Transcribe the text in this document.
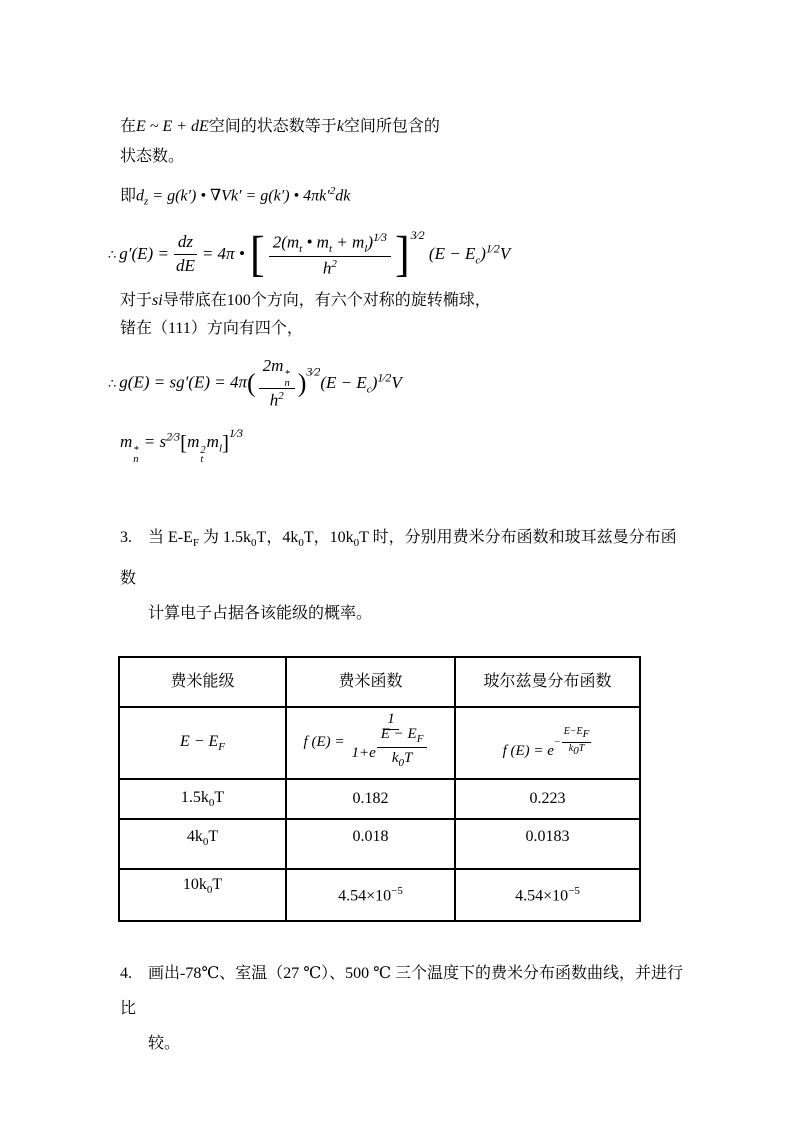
在E ~ E + dE空间的状态数等于k空间所包含的

状态数。

即$d_z = g(k')$ • ∇Vk′ = g(k′) • $4\pi k'^2dk$

∴ $g'(E) = \frac{dz}{dE} = 4\pi$ • [ $\frac{2(m_t • m_t + m_l)^{1⁄3}}{h^2} ]^{3⁄2}$ $(E - E_c)^{1⁄2}V$

对于si导带底在100个方向，有六个对称的旋转椭球，

锗在（111）方向有四个，

∴ g(E) = sg′(E) = 4π( 2m *
n
$h^2$ )$^{3⁄2}(E - E_c)^{1⁄2}V$
m *
n
= $s^{2⁄3}[m$ 2
t
$m_l]^{1⁄3}$

3. 当 $E-E_F$ 为 $1.5k_0T$，$4k_0T$，$10k_0T$ 时，分别用费米分布函数和玻耳兹曼分布函数

计算电子占据各该能级的概率。

费米能级	费米函数	玻尔兹曼分布函数
$E - E_F$	f $(E) = \frac{1}{1+e \frac{E - E_F}{k_0T}}$	f $(E) = e^{- \frac{E-E_F}{k_0T}}$

$1.5k_0T$	0.182	0.223
$4k_0T$	0.018	0.0183
$10k_0T$	$4.54\times 10^{-5}$	$4.54\times 10^{-5}$

4. 画出-78℃、室温（27 ℃）、500 ℃ 三个温度下的费米分布函数曲线，并进行比

较。
